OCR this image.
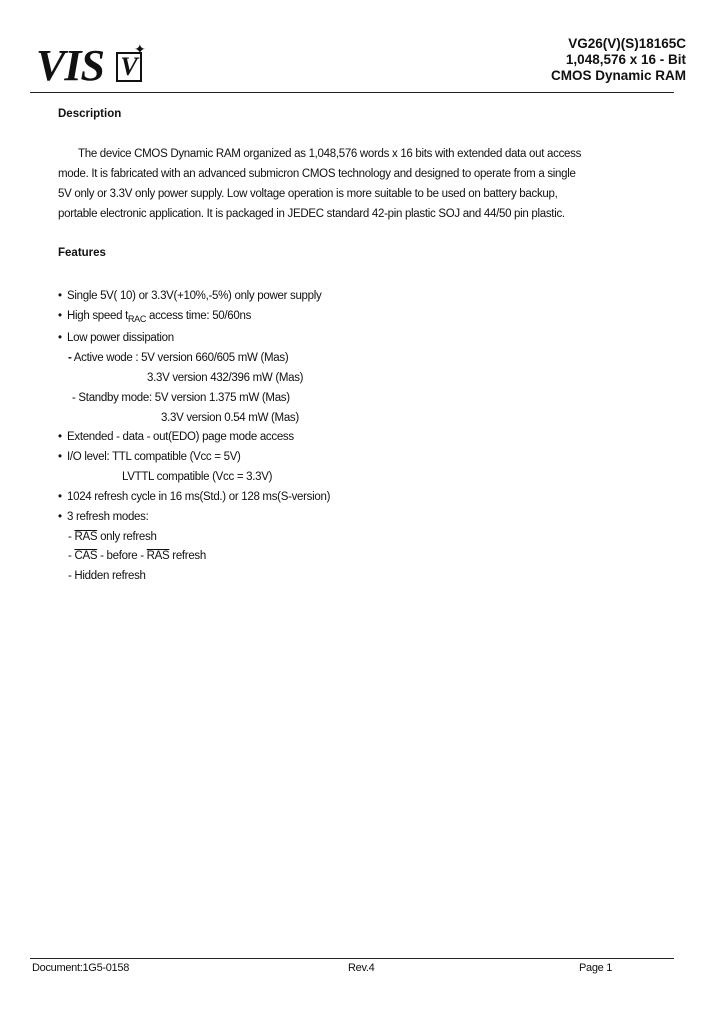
VIS V
✦	VG26(V)(S)18165C
1,048,576 x 16 - Bit
CMOS Dynamic RAM
Description
The device CMOS Dynamic RAM organized as 1,048,576 words x 16 bits with extended data out access
mode. It is fabricated with an advanced submicron CMOS technology and designed to operate from a single
5V only or 3.3V only power supply. Low voltage operation is more suitable to be used on battery backup,
portable electronic application. It is packaged in JEDEC standard 42-pin plastic SOJ and 44/50 pin plastic.
Features
• Single 5V( 10) or 3.3V(+10%,-5%) only power supply
• High speed $t_{RAC}$ access time: 50/60ns
• Low power dissipation
- Active wode : 5V version 660/605 mW (Mas)
3.3V version 432/396 mW (Mas)
- Standby mode: 5V version 1.375 mW (Mas)
3.3V version 0.54 mW (Mas)
• Extended - data - out(EDO) page mode access
• I/O level: TTL compatible (Vcc = 5V)
LVTTL compatible (Vcc = 3.3V)
• 1024 refresh cycle in 16 ms(Std.) or 128 ms(S-version)
• 3 refresh modes:
- $\overline{RAS}$ only refresh
- $\overline{CAS}$ - before - $\overline{RAS}$ refresh
- Hidden refresh
Document:1G5-0158	Rev.4	Page 1
